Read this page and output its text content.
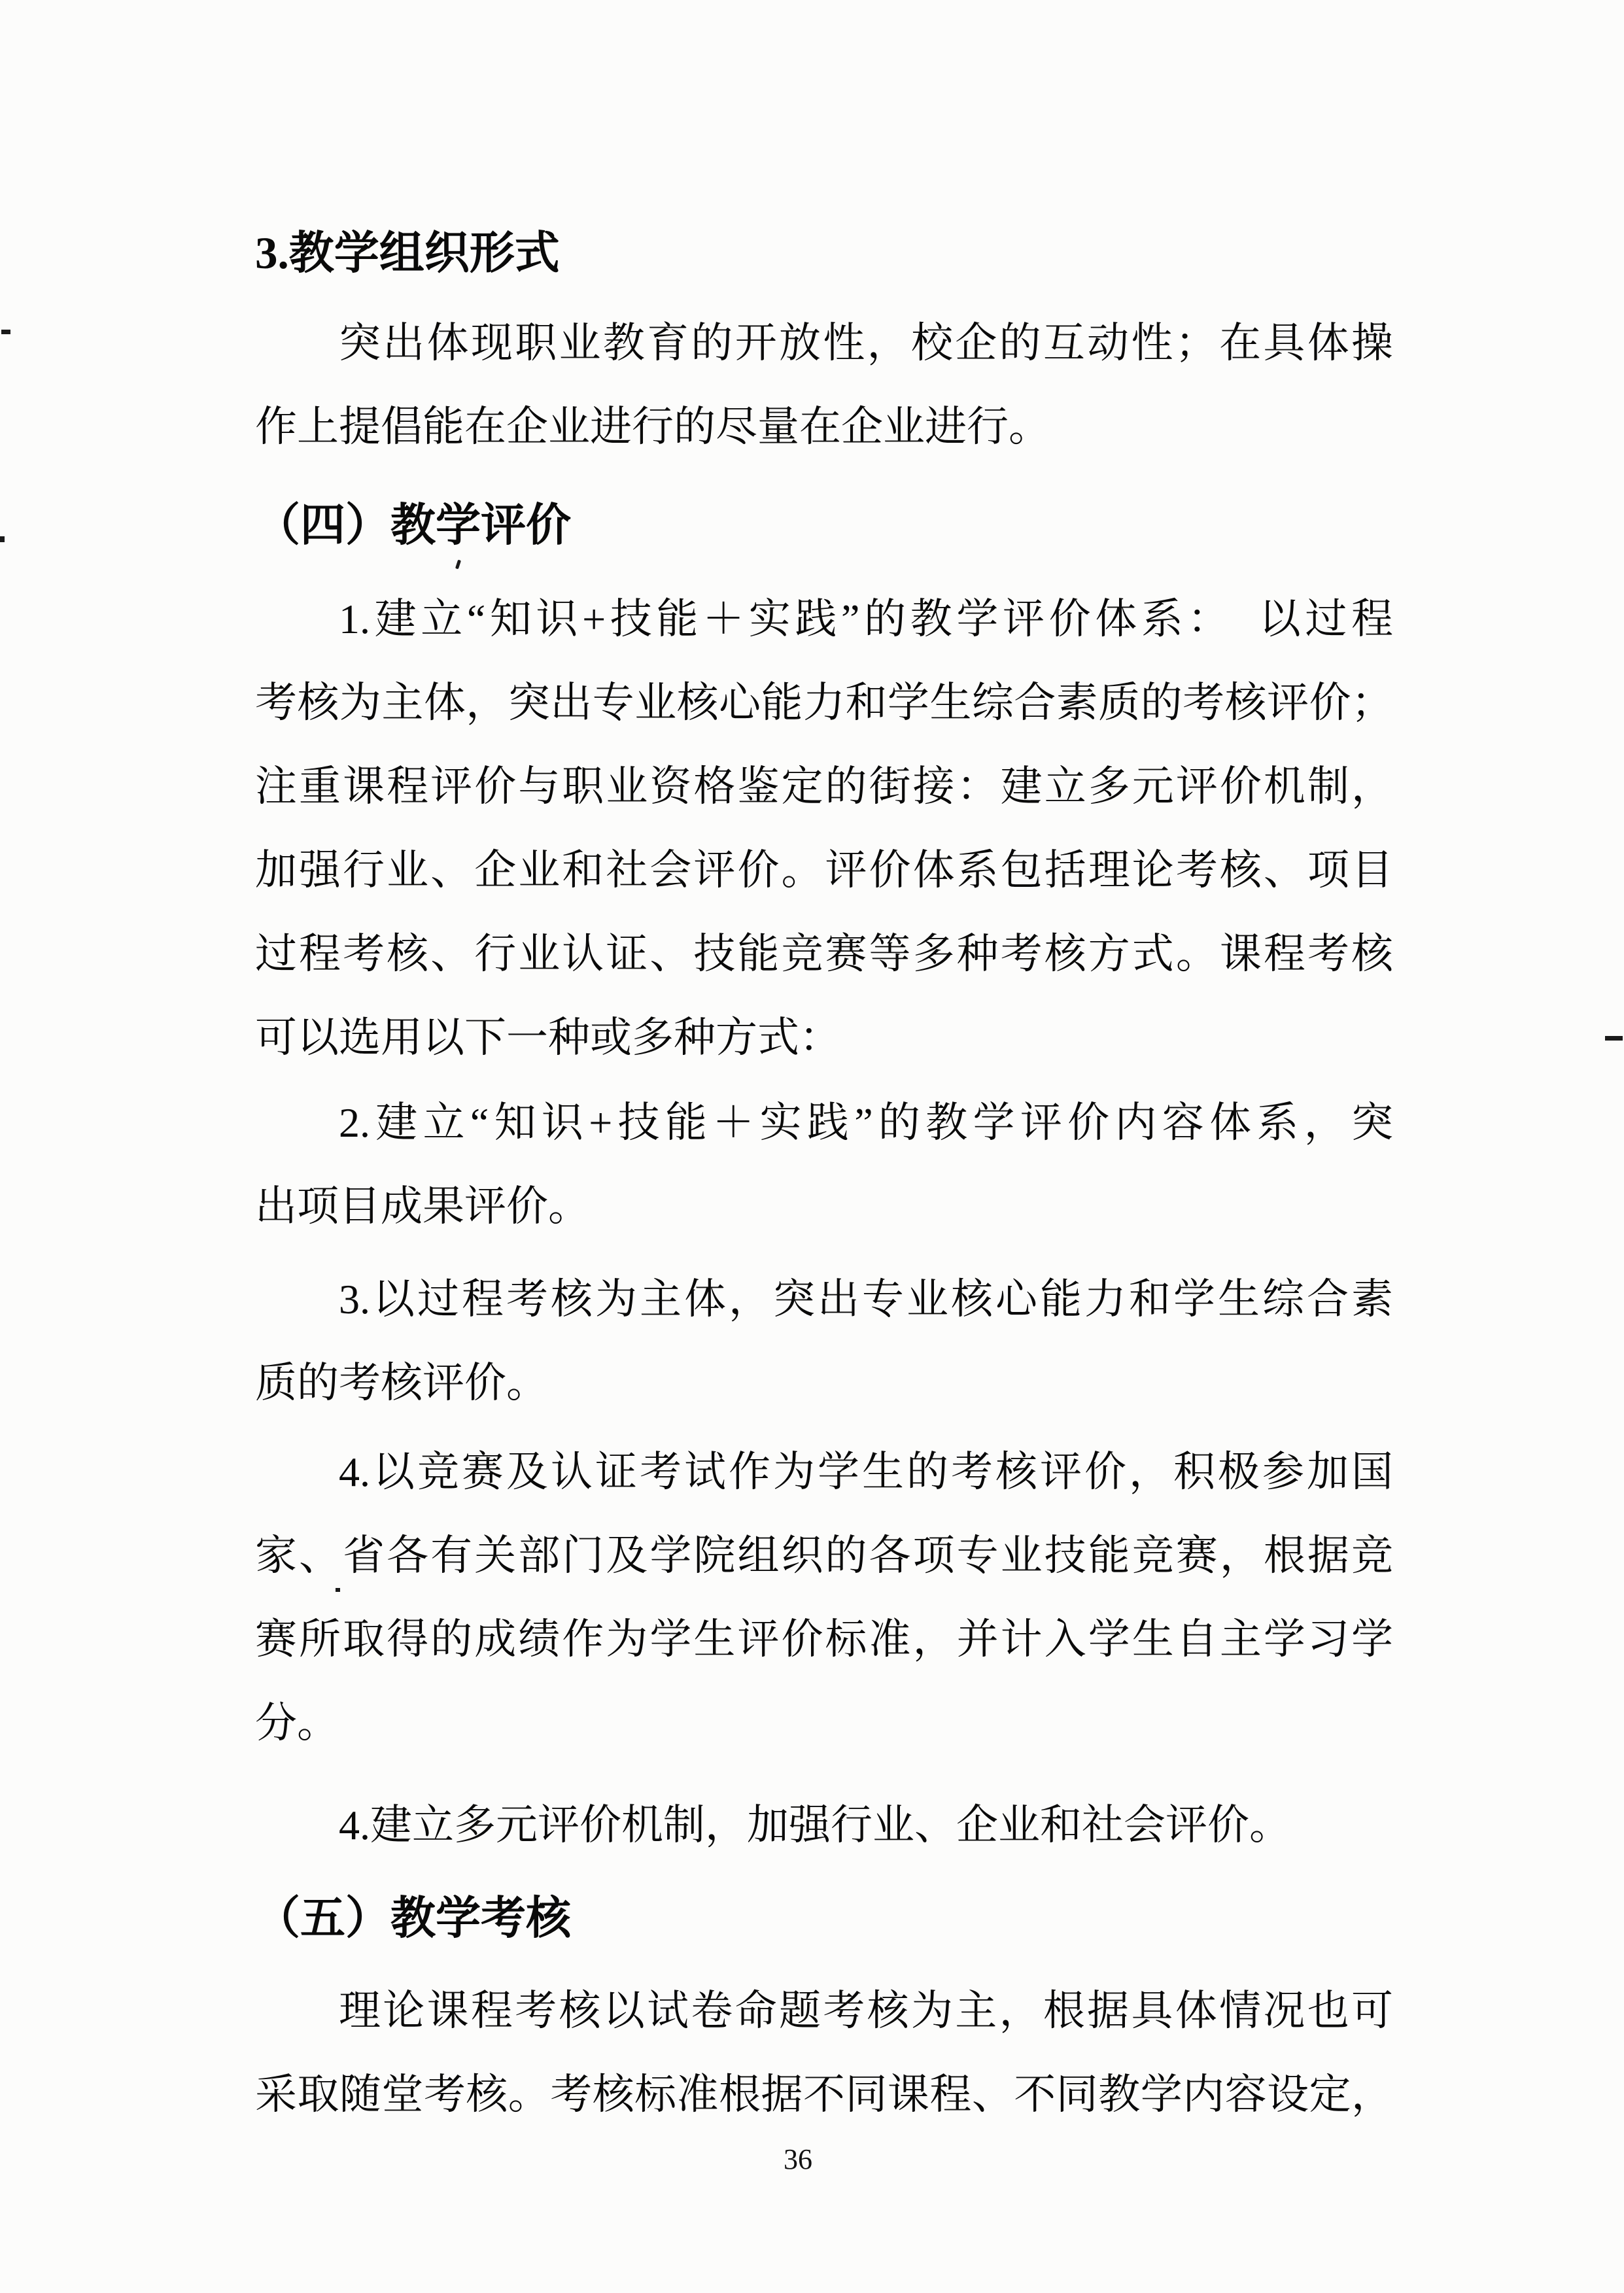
3.教学组织形式
突出体现职业教育的开放性，校企的互动性；在具体操
作上提倡能在企业进行的尽量在企业进行。
（四）教学评价
1.建立“知识+技能＋实践”的教学评价体系：　以过程
考核为主体，突出专业核心能力和学生综合素质的考核评价；
注重课程评价与职业资格鉴定的街接：建立多元评价机制，
加强行业、企业和社会评价。评价体系包括理论考核、项目
过程考核、行业认证、技能竞赛等多种考核方式。课程考核
可以选用以下一种或多种方式：
2.建立“知识+技能＋实践”的教学评价内容体系，突
出项目成果评价。
3.以过程考核为主体，突出专业核心能力和学生综合素
质的考核评价。
4.以竞赛及认证考试作为学生的考核评价，积极参加国
家、省各有关部门及学院组织的各项专业技能竞赛，根据竞
赛所取得的成绩作为学生评价标准，并计入学生自主学习学
分。
4.建立多元评价机制，加强行业、企业和社会评价。
（五）教学考核
理论课程考核以试卷命题考核为主，根据具体情况也可
采取随堂考核。考核标准根据不同课程、不同教学内容设定，
36
